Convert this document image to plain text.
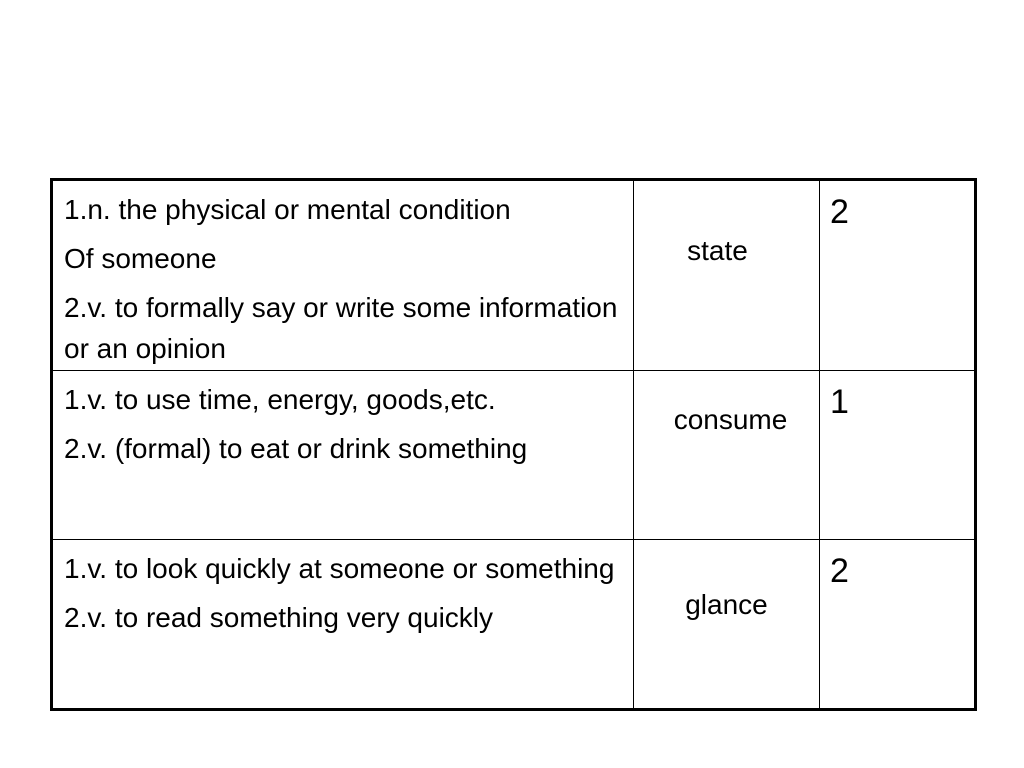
1.n. the physical or mental condition
Of someone
2.v. to formally say or write some information or an opinion	state	2

1.v. to use time, energy, goods,etc.
2.v. (formal) to eat or drink something	consume	1

1.v. to look quickly at someone or something
2.v. to read something very quickly	glance	2
